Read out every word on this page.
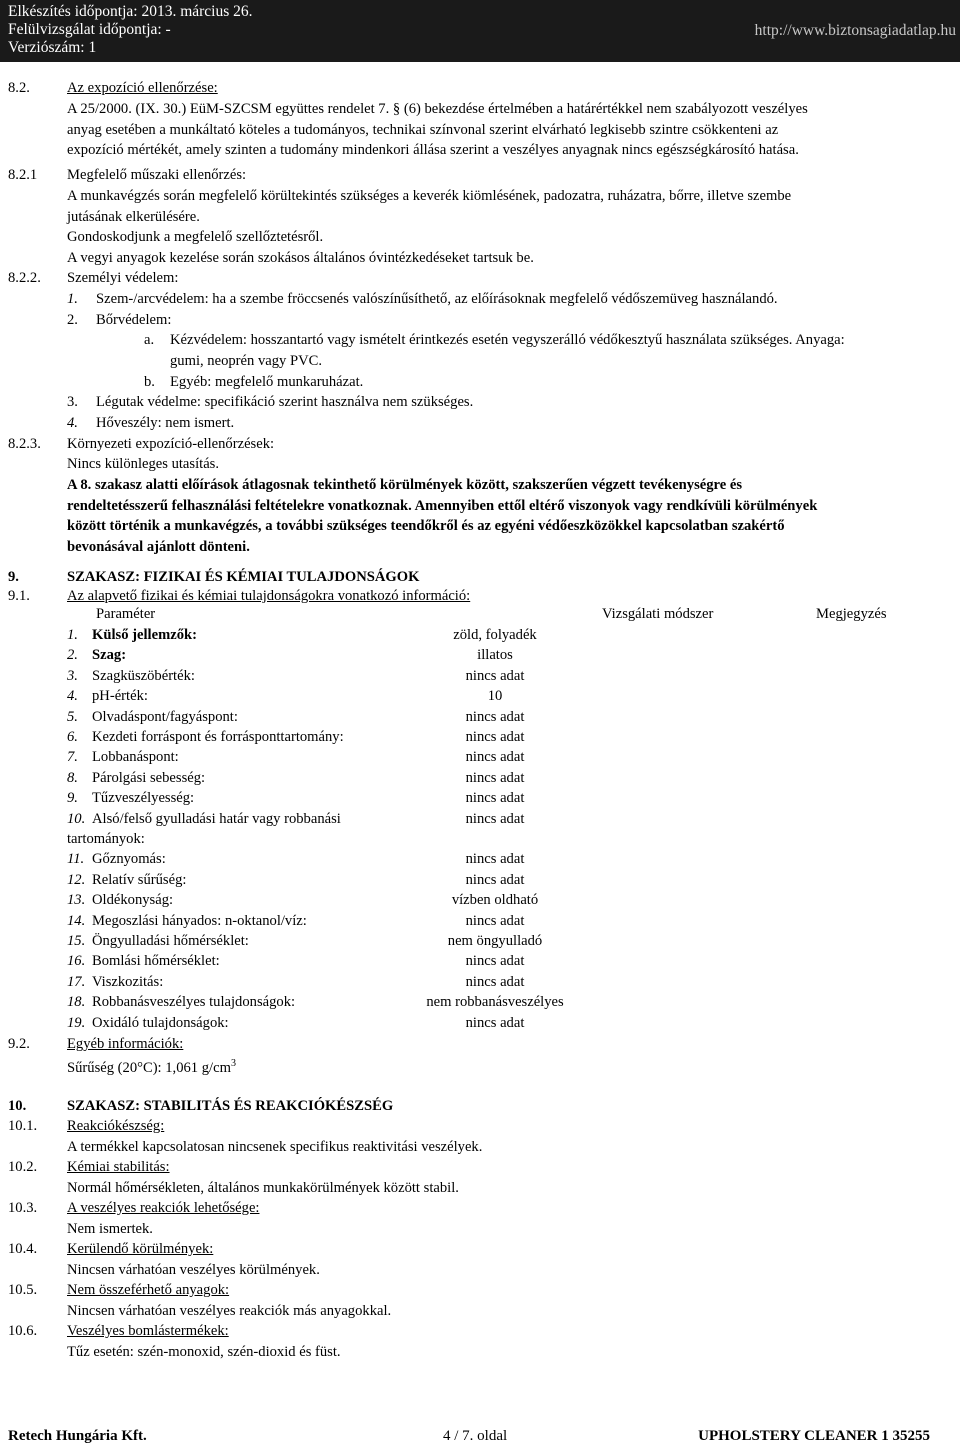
Elkészítés időpontja: 2013. március 26.
Felülvizsgálat időpontja: -
Verziószám: 1
http://www.biztonsagiadatlap.hu
8.2.	Az expozíció ellenőrzése:
A 25/2000. (IX. 30.) EüM-SZCSM együttes rendelet 7. § (6) bekezdése értelmében a határértékkel nem szabályozott veszélyes
anyag esetében a munkáltató köteles a tudományos, technikai színvonal szerint elvárható legkisebb szintre csökkenteni az
expozíció mértékét, amely szinten a tudomány mindenkori állása szerint a veszélyes anyagnak nincs egészségkárosító hatása.
8.2.1 Megfelelő műszaki ellenőrzés:
A munkavégzés során megfelelő körültekintés szükséges a keverék kiömlésének, padozatra, ruházatra, bőrre, illetve szembe
jutásának elkerülésére.
Gondoskodjunk a megfelelő szellőztetésről.
A vegyi anyagok kezelése során szokásos általános óvintézkedéseket tartsuk be.
8.2.2. Személyi védelem:
1. Szem-/arcvédelem: ha a szembe fröccsenés valószínűsíthető, az előírásoknak megfelelő védőszemüveg használandó.
2. Bőrvédelem:
a. Kézvédelem: hosszantartó vagy ismételt érintkezés esetén vegyszerálló védőkesztyű használata szükséges. Anyaga:
gumi, neoprén vagy PVC.
b. Egyéb: megfelelő munkaruházat.
3. Légutak védelme: specifikáció szerint használva nem szükséges.
4. Hőveszély: nem ismert.
8.2.3. Környezeti expozíció-ellenőrzések:
Nincs különleges utasítás.
A 8. szakasz alatti előírások átlagosnak tekinthető körülmények között, szakszerűen végzett tevékenységre és
rendeltetésszerű felhasználási feltételekre vonatkoznak. Amennyiben ettől eltérő viszonyok vagy rendkívüli körülmények
között történik a munkavégzés, a további szükséges teendőkről és az egyéni védőeszközökkel kapcsolatban szakértő
bevonásával ajánlott dönteni.
9.	SZAKASZ: FIZIKAI ÉS KÉMIAI TULAJDONSÁGOK
9.1.	Az alapvető fizikai és kémiai tulajdonságokra vonatkozó információ:
Paraméter	Vizsgálati módszer	Megjegyzés
1. Külső jellemzők:	zöld, folyadék
2. Szag:	illatos
3. Szagküszöbérték:	nincs adat
4. pH-érték:	10
5. Olvadáspont/fagyáspont:	nincs adat
6. Kezdeti forráspont és forrásponttartomány:	nincs adat
7. Lobbanáspont:	nincs adat
8. Párolgási sebesség:	nincs adat
9. Tűzveszélyesség:	nincs adat
10. Alsó/felső gyulladási határ vagy robbanási	nincs adat
tartományok:
11. Gőznyomás:	nincs adat
12. Relatív sűrűség:	nincs adat
13. Oldékonyság:	vízben oldható
14. Megoszlási hányados: n-oktanol/víz:	nincs adat
15. Öngyulladási hőmérséklet:	nem öngyulladó
16. Bomlási hőmérséklet:	nincs adat
17. Viszkozitás:	nincs adat
18. Robbanásveszélyes tulajdonságok:	nem robbanásveszélyes
19. Oxidáló tulajdonságok:	nincs adat
9.2.	Egyéb információk:
Sűrűség (20°C): 1,061 $g/cm^3$
10.	SZAKASZ: STABILITÁS ÉS REAKCIÓKÉSZSÉG
10.1. Reakciókészség:
A termékkel kapcsolatosan nincsenek specifikus reaktivitási veszélyek.
10.2. Kémiai stabilitás:
Normál hőmérsékleten, általános munkakörülmények között stabil.
10.3. A veszélyes reakciók lehetősége:
Nem ismertek.
10.4. Kerülendő körülmények:
Nincsen várhatóan veszélyes körülmények.
10.5. Nem összeférhető anyagok:
Nincsen várhatóan veszélyes reakciók más anyagokkal.
10.6. Veszélyes bomlástermékek:
Tűz esetén: szén-monoxid, szén-dioxid és füst.
Retech Hungária Kft.	4 / 7. oldal	UPHOLSTERY CLEANER 1 35255
